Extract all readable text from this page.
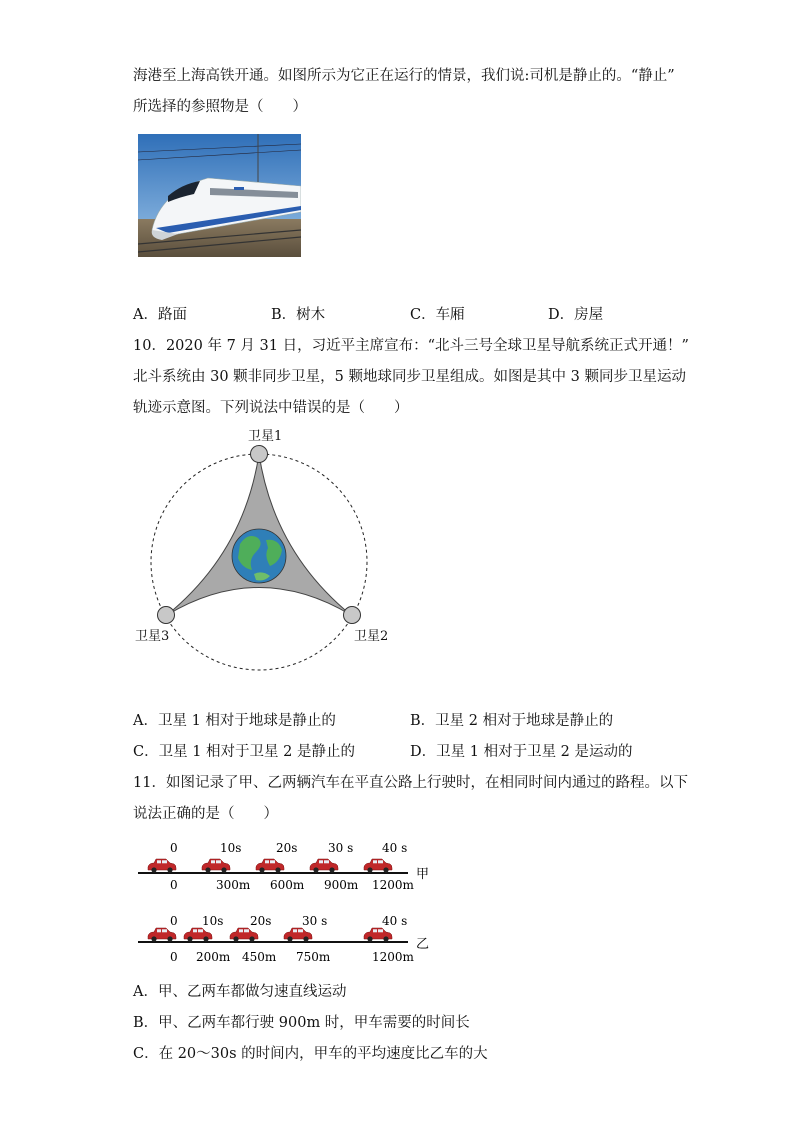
海港至上海高铁开通。如图所示为它正在运行的情景，我们说:司机是静止的。“静止”
所选择的参照物是（　　）
A．路面	B．树木	C．车厢	D．房屋
10．2020 年 7 月 31 日，习近平主席宣布：“北斗三号全球卫星导航系统正式开通！”
北斗系统由 30 颗非同步卫星，5 颗地球同步卫星组成。如图是其中 3 颗同步卫星运动
轨迹示意图。下列说法中错误的是（　　）
卫星1
卫星2
卫星3
A．卫星 1 相对于地球是静止的	B．卫星 2 相对于地球是静止的
C．卫星 1 相对于卫星 2 是静止的	D．卫星 1 相对于卫星 2 是运动的
11．如图记录了甲、乙两辆汽车在平直公路上行驶时，在相同时间内通过的路程。以下
说法正确的是（　　）
甲
0	10s	20s	30 s 40 s
0	300m 600m 900m 1200m
乙
0 10s 20s	30 s	40 s
0 200m 450m 750m	1200m
A．甲、乙两车都做匀速直线运动
B．甲、乙两车都行驶 900m 时，甲车需要的时间长
C．在 20～30s 的时间内，甲车的平均速度比乙车的大
